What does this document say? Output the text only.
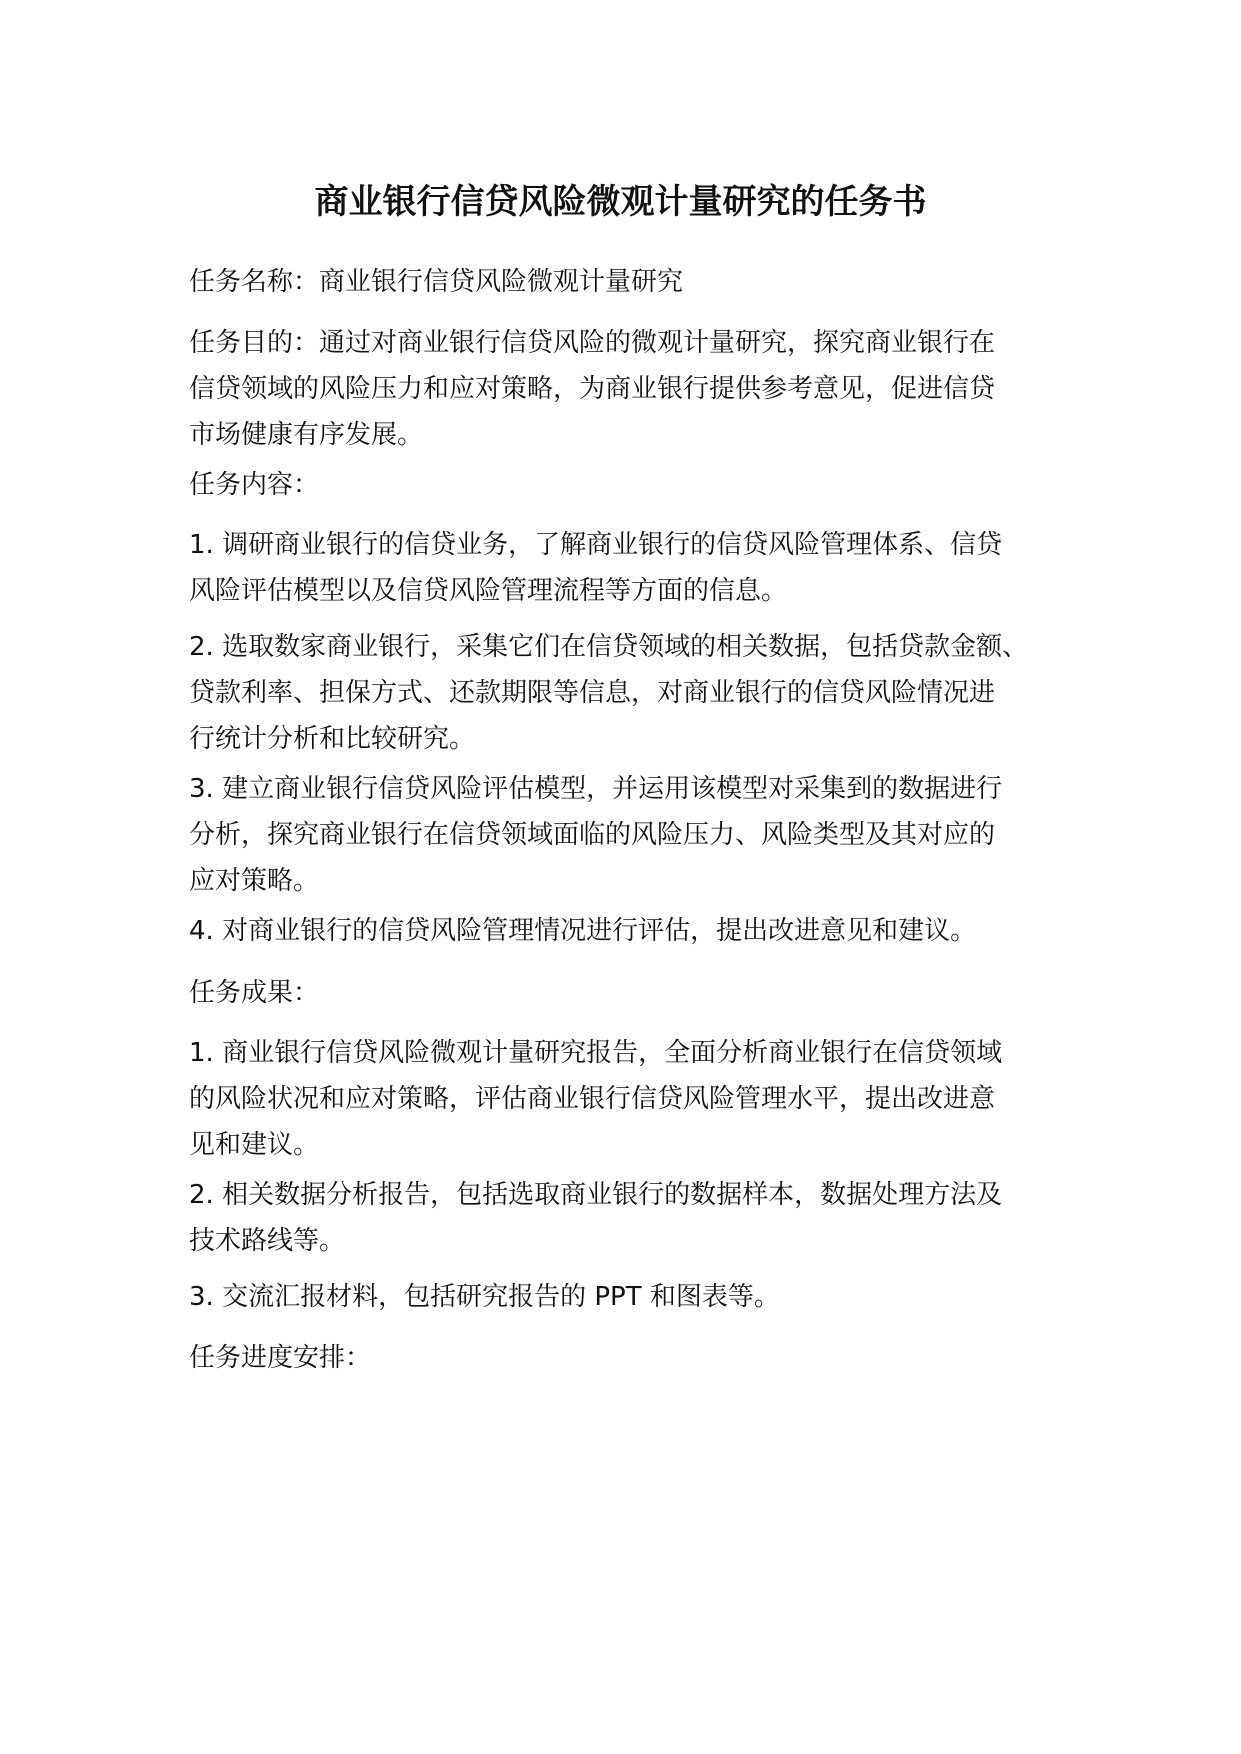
商业银行信贷风险微观计量研究的任务书

任务名称：商业银行信贷风险微观计量研究

任务目的：通过对商业银行信贷风险的微观计量研究，探究商业银行在
信贷领域的风险压力和应对策略，为商业银行提供参考意见，促进信贷
市场健康有序发展。

任务内容：

1. 调研商业银行的信贷业务，了解商业银行的信贷风险管理体系、信贷
风险评估模型以及信贷风险管理流程等方面的信息。

2. 选取数家商业银行，采集它们在信贷领域的相关数据，包括贷款金额、
贷款利率、担保方式、还款期限等信息，对商业银行的信贷风险情况进
行统计分析和比较研究。

3. 建立商业银行信贷风险评估模型，并运用该模型对采集到的数据进行
分析，探究商业银行在信贷领域面临的风险压力、风险类型及其对应的
应对策略。

4. 对商业银行的信贷风险管理情况进行评估，提出改进意见和建议。

任务成果：

1. 商业银行信贷风险微观计量研究报告，全面分析商业银行在信贷领域
的风险状况和应对策略，评估商业银行信贷风险管理水平，提出改进意
见和建议。

2. 相关数据分析报告，包括选取商业银行的数据样本，数据处理方法及
技术路线等。

3. 交流汇报材料，包括研究报告的 PPT 和图表等。

任务进度安排：
